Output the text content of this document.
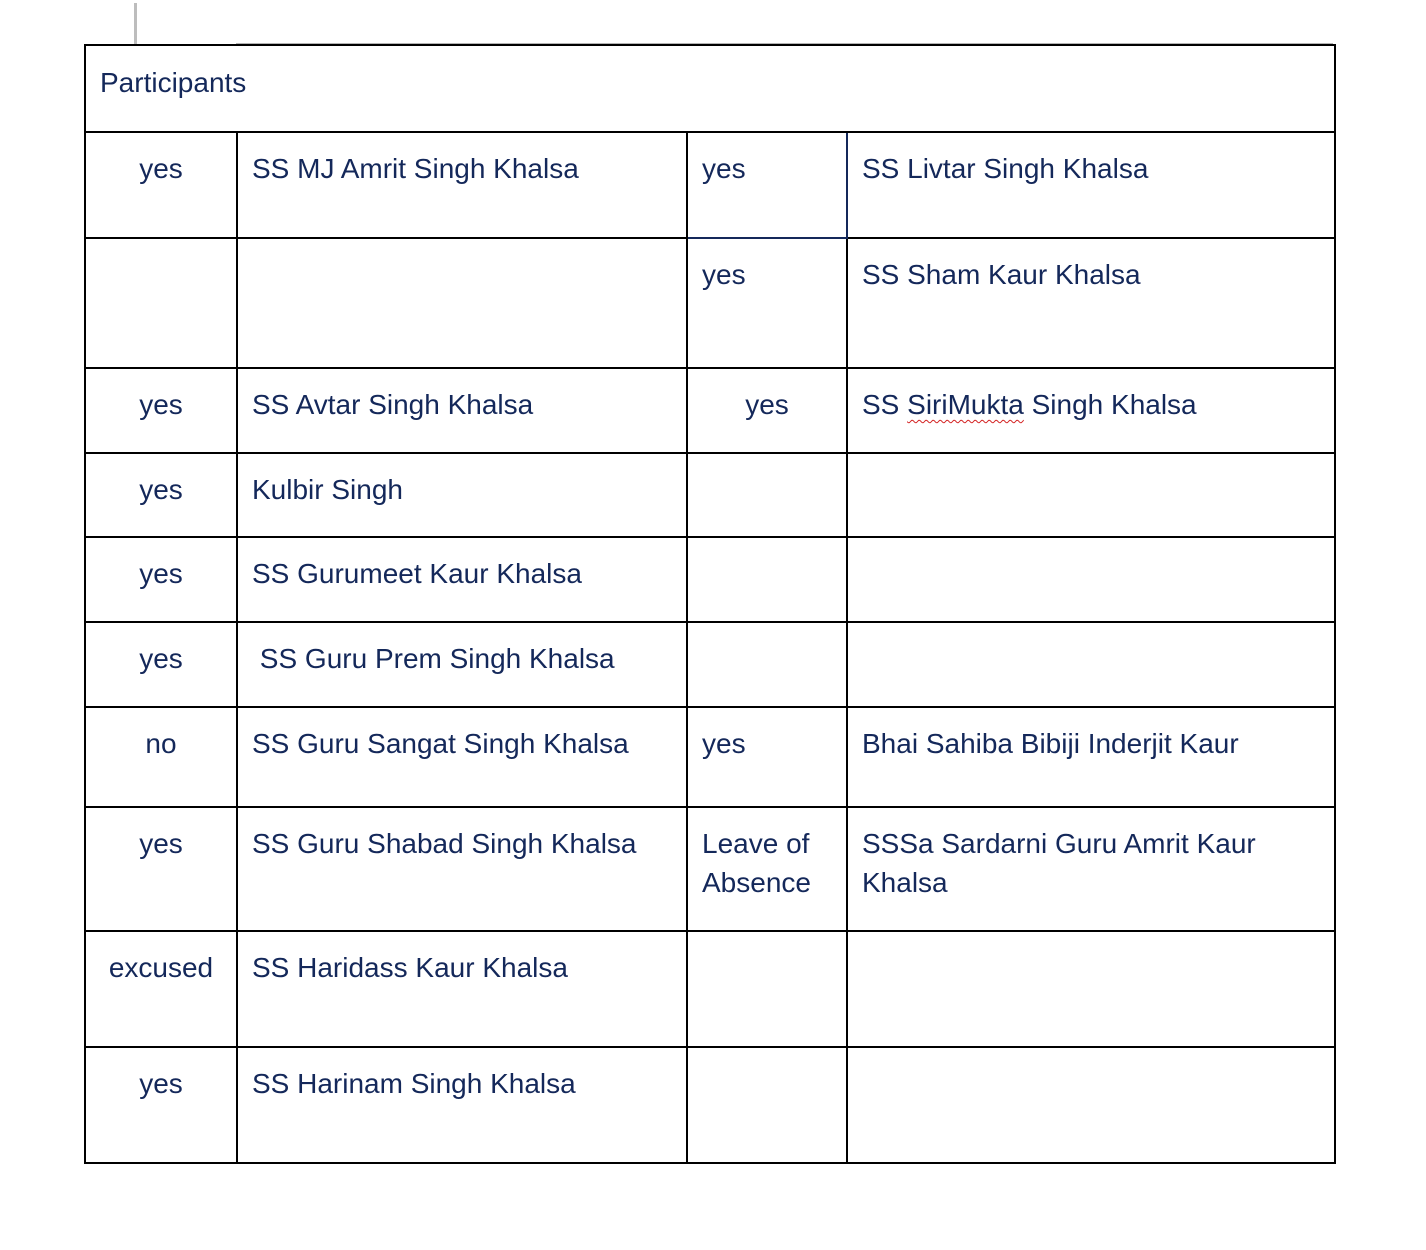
Participants			
yes	SS MJ Amrit Singh Khalsa	yes	SS Livtar Singh Khalsa
		yes	SS Sham Kaur Khalsa
yes	SS Avtar Singh Khalsa	yes	SS SiriMukta Singh Khalsa
yes	Kulbir Singh		
yes	SS Gurumeet Kaur Khalsa		
yes	SS Guru Prem Singh Khalsa		
no	SS Guru Sangat Singh Khalsa	yes	Bhai Sahiba Bibiji Inderjit Kaur
yes	SS Guru Shabad Singh Khalsa	Leave of Absence	SSSa Sardarni Guru Amrit Kaur Khalsa
excused	SS Haridass Kaur Khalsa		
yes	SS Harinam Singh Khalsa		
